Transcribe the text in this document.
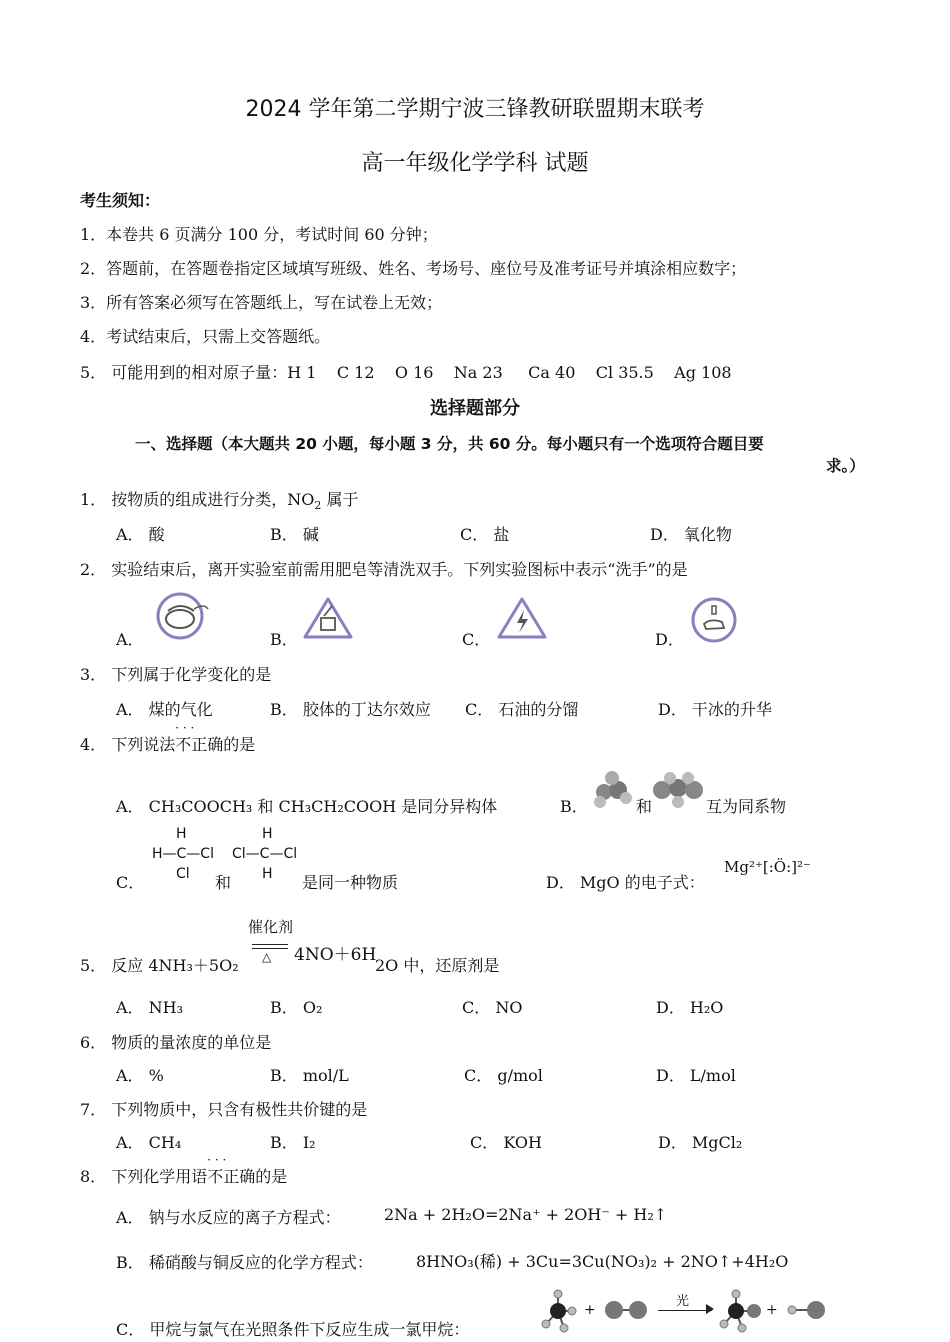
2024 学年第二学期宁波三锋教研联盟期末联考
高一年级化学学科 试题
考生须知：
1．本卷共 6 页满分 100 分，考试时间 60 分钟；
2．答题前，在答题卷指定区域填写班级、姓名、考场号、座位号及准考证号并填涂相应数字；
3．所有答案必须写在答题纸上，写在试卷上无效；
4．考试结束后，只需上交答题纸。
5． 可能用到的相对原子量：H 1    C 12    O 16    Na 23     Ca 40    Cl 35.5    Ag 108
选择题部分
一、选择题（本大题共 20 小题，每小题 3 分，共 60 分。每小题只有一个选项符合题目要
求。）
1． 按物质的组成进行分类，$NO_2$ 属于
A． 酸	B． 碱	C． 盐	D． 氧化物
2． 实验结束后，离开实验室前需用肥皂等清洗双手。下列实验图标中表示“洗手”的是
A．	B．	C．	D．
3． 下列属于化学变化的是
A． 煤的气化	B． 胶体的丁达尔效应 C． 石油的分馏	D． 干冰的升华
4． 下列说法· · · 不正确的是
A． CH₃COOCH₃ 和 CH₃CH₂COOH 是同分异构体	B．	和	互为同系物
C．
H
H—C—Cl
Cl	和
H
Cl—C—Cl
H	是同一种物质	D． MgO 的电子式：
Mg²⁺[:Ö:]²⁻
催化剂
△
5． 反应 4NH₃＋5O₂
4NO＋6H
2O 中，还原剂是
A． NH₃	B． O₂	C． NO	D． H₂O
6． 物质的量浓度的单位是
A． %	B． mol/L	C． g/mol	D． L/mol
7． 下列物质中，只含有极性共价键的是
A． CH₄	B． I₂	C． KOH	D． MgCl₂
8． 下列化学用语· · · 不正确的是
A． 钠与水反应的离子方程式：	2Na + 2H₂O=2Na⁺ + 2OH⁻ + H₂↑
B． 稀硝酸与铜反应的化学方程式：	8HNO₃(稀) + 3Cu=3Cu(NO₃)₂ + 2NO↑+4H₂O
C． 甲烷与氯气在光照条件下反应生成一氯甲烷：
+
光
+
